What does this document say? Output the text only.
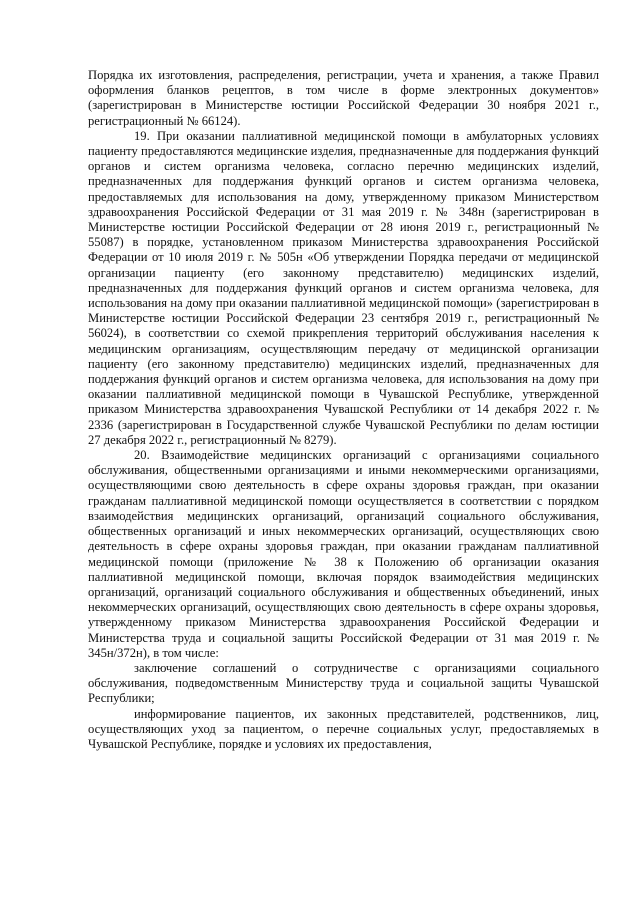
Порядка их изготовления, распределения, регистрации, учета и хранения, а также Правил оформления бланков рецептов, в том числе в форме электронных документов» (зарегистрирован в Министерстве юстиции Российской Федерации 30 ноября 2021 г., регистрационный № 66124).

19. При оказании паллиативной медицинской помощи в амбулаторных условиях пациенту предоставляются медицинские изделия, предназначенные для поддержания функций органов и систем организма человека, согласно перечню медицинских изделий, предназначенных для поддержания функций органов и систем организма человека, предоставляемых для использования на дому, утвержденному приказом Министерством здравоохранения Российской Федерации от 31 мая 2019 г. № 348н (зарегистрирован в Министерстве юстиции Российской Федерации от 28 июня 2019 г., регистрационный № 55087) в порядке, установленном приказом Министерства здравоохранения Российской Федерации от 10 июля 2019 г. № 505н «Об утверждении Порядка передачи от медицинской организации пациенту (его законному представителю) медицинских изделий, предназначенных для поддержания функций органов и систем организма человека, для использования на дому при оказании паллиативной медицинской помощи» (зарегистрирован в Министерстве юстиции Российской Федерации 23 сентября 2019 г., регистрационный № 56024), в соответствии со схемой прикрепления территорий обслуживания населения к медицинским организациям, осуществляющим передачу от медицинской организации пациенту (его законному представителю) медицинских изделий, предназначенных для поддержания функций органов и систем организма человека, для использования на дому при оказании паллиативной медицинской помощи в Чувашской Республике, утвержденной приказом Министерства здравоохранения Чувашской Республики от 14 декабря 2022 г. № 2336 (зарегистрирован в Государственной службе Чувашской Республики по делам юстиции 27 декабря 2022 г., регистрационный № 8279).

20. Взаимодействие медицинских организаций с организациями социального обслуживания, общественными организациями и иными некоммерческими организациями, осуществляющими свою деятельность в сфере охраны здоровья граждан, при оказании гражданам паллиативной медицинской помощи осуществляется в соответствии с порядком взаимодействия медицинских организаций, организаций социального обслуживания, общественных организаций и иных некоммерческих организаций, осуществляющих свою деятельность в сфере охраны здоровья граждан, при оказании гражданам паллиативной медицинской помощи (приложение № 38 к Положению об организации оказания паллиативной медицинской помощи, включая порядок взаимодействия медицинских организаций, организаций социального обслуживания и общественных объединений, иных некоммерческих организаций, осуществляющих свою деятельность в сфере охраны здоровья, утвержденному приказом Министерства здравоохранения Российской Федерации и Министерства труда и социальной защиты Российской Федерации от 31 мая 2019 г. № 345н/372н), в том числе:

заключение соглашений о сотрудничестве с организациями социального обслуживания, подведомственным Министерству труда и социальной защиты Чувашской Республики;

информирование пациентов, их законных представителей, родственников, лиц, осуществляющих уход за пациентом, о перечне социальных услуг, предоставляемых в Чувашской Республике, порядке и условиях их предоставления,
